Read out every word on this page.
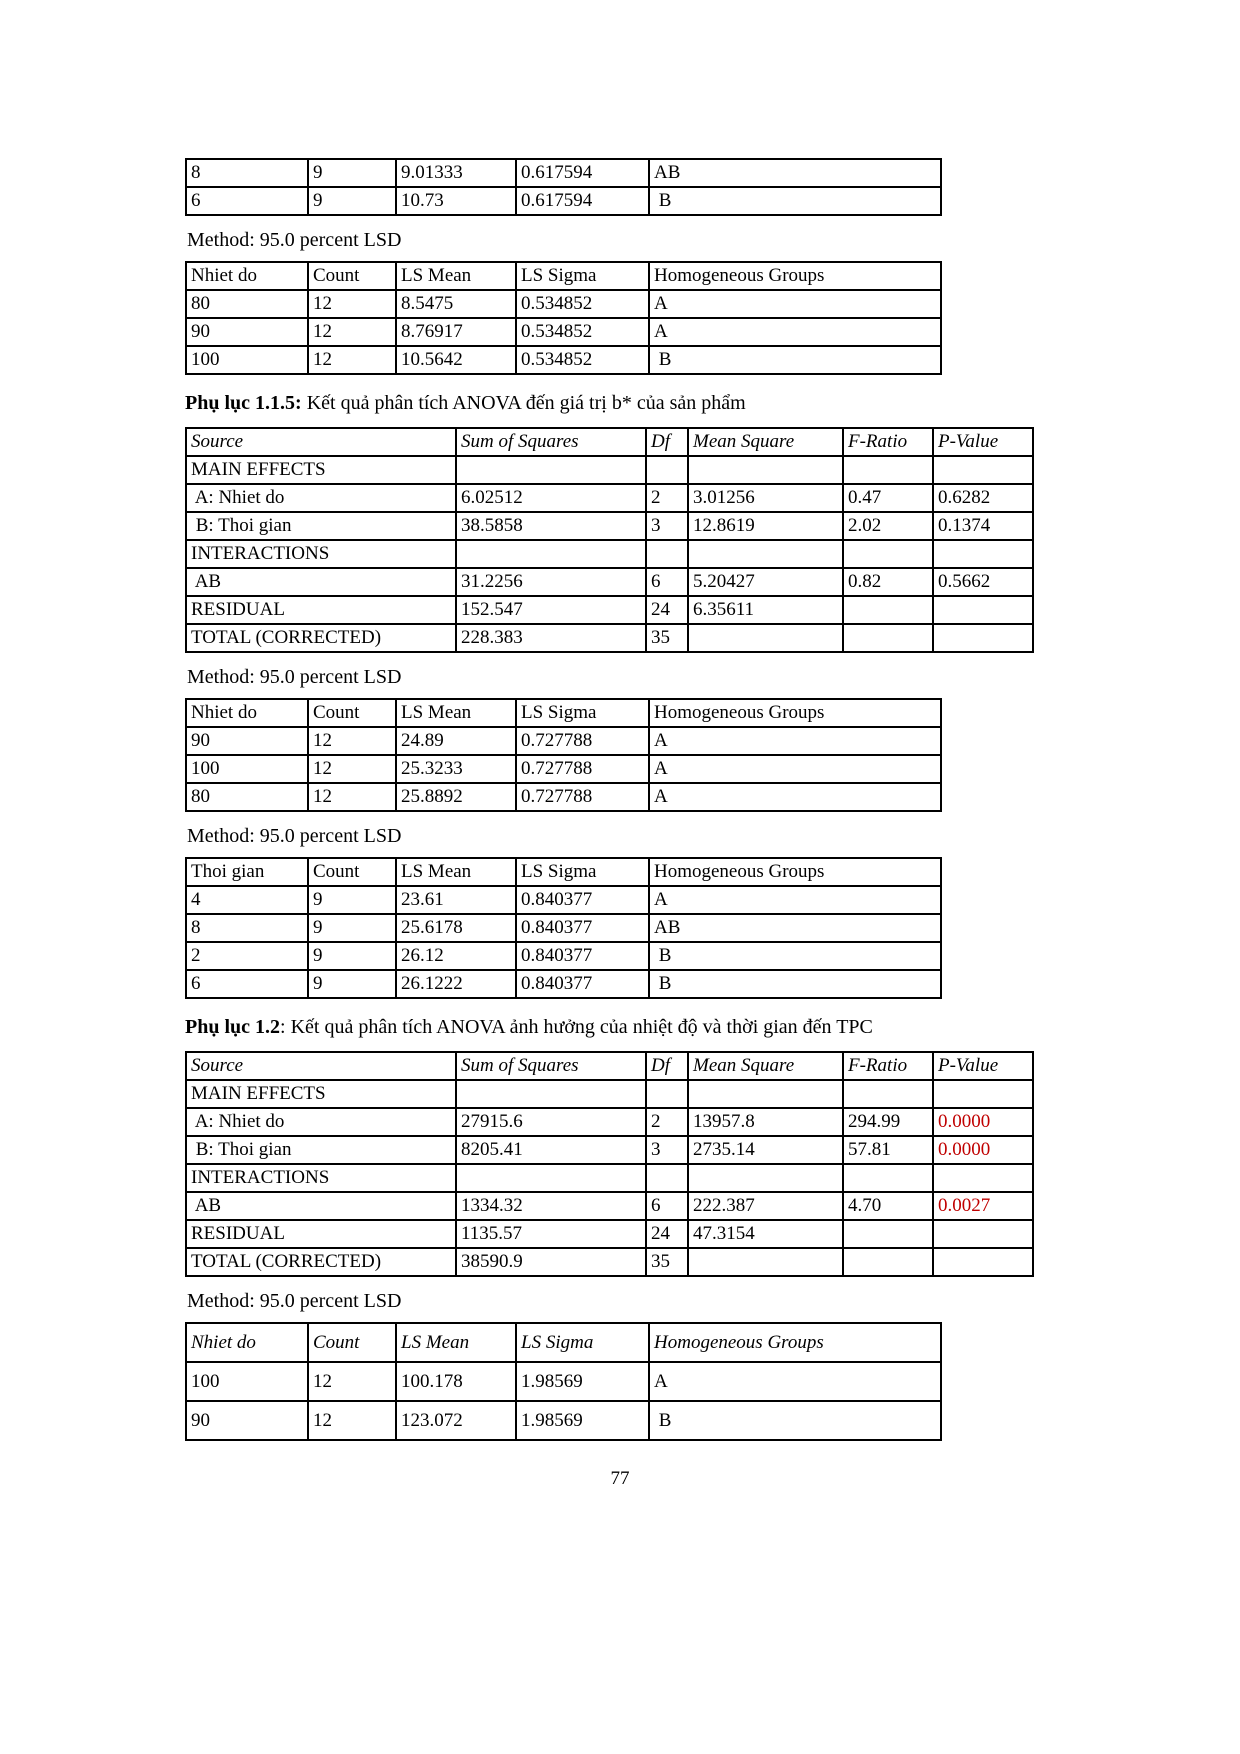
8	9	9.01333	0.617594	AB
6	9	10.73	0.617594	B

Method: 95.0 percent LSD

Nhiet do	Count	LS Mean	LS Sigma	Homogeneous Groups
80	12	8.5475	0.534852	A
90	12	8.76917	0.534852	A
100	12	10.5642	0.534852	B

Phụ lục 1.1.5: Kết quả phân tích ANOVA đến giá trị b* của sản phẩm

Source	Sum of Squares	Df	Mean Square	F-Ratio	P-Value
MAIN EFFECTS					
A: Nhiet do	6.02512	2	3.01256	0.47	0.6282
B: Thoi gian	38.5858	3	12.8619	2.02	0.1374
INTERACTIONS					
AB	31.2256	6	5.20427	0.82	0.5662
RESIDUAL	152.547	24	6.35611		
TOTAL (CORRECTED)	228.383	35			

Method: 95.0 percent LSD

Nhiet do	Count	LS Mean	LS Sigma	Homogeneous Groups
90	12	24.89	0.727788	A
100	12	25.3233	0.727788	A
80	12	25.8892	0.727788	A

Method: 95.0 percent LSD

Thoi gian	Count	LS Mean	LS Sigma	Homogeneous Groups
4	9	23.61	0.840377	A
8	9	25.6178	0.840377	AB
2	9	26.12	0.840377	B
6	9	26.1222	0.840377	B

Phụ lục 1.2: Kết quả phân tích ANOVA ảnh hưởng của nhiệt độ và thời gian đến TPC

Source	Sum of Squares	Df	Mean Square	F-Ratio	P-Value
MAIN EFFECTS					
A: Nhiet do	27915.6	2	13957.8	294.99	0.0000
B: Thoi gian	8205.41	3	2735.14	57.81	0.0000
INTERACTIONS					
AB	1334.32	6	222.387	4.70	0.0027
RESIDUAL	1135.57	24	47.3154		
TOTAL (CORRECTED)	38590.9	35			

Method: 95.0 percent LSD

Nhiet do	Count	LS Mean	LS Sigma	Homogeneous Groups
100	12	100.178	1.98569	A
90	12	123.072	1.98569	B
77
